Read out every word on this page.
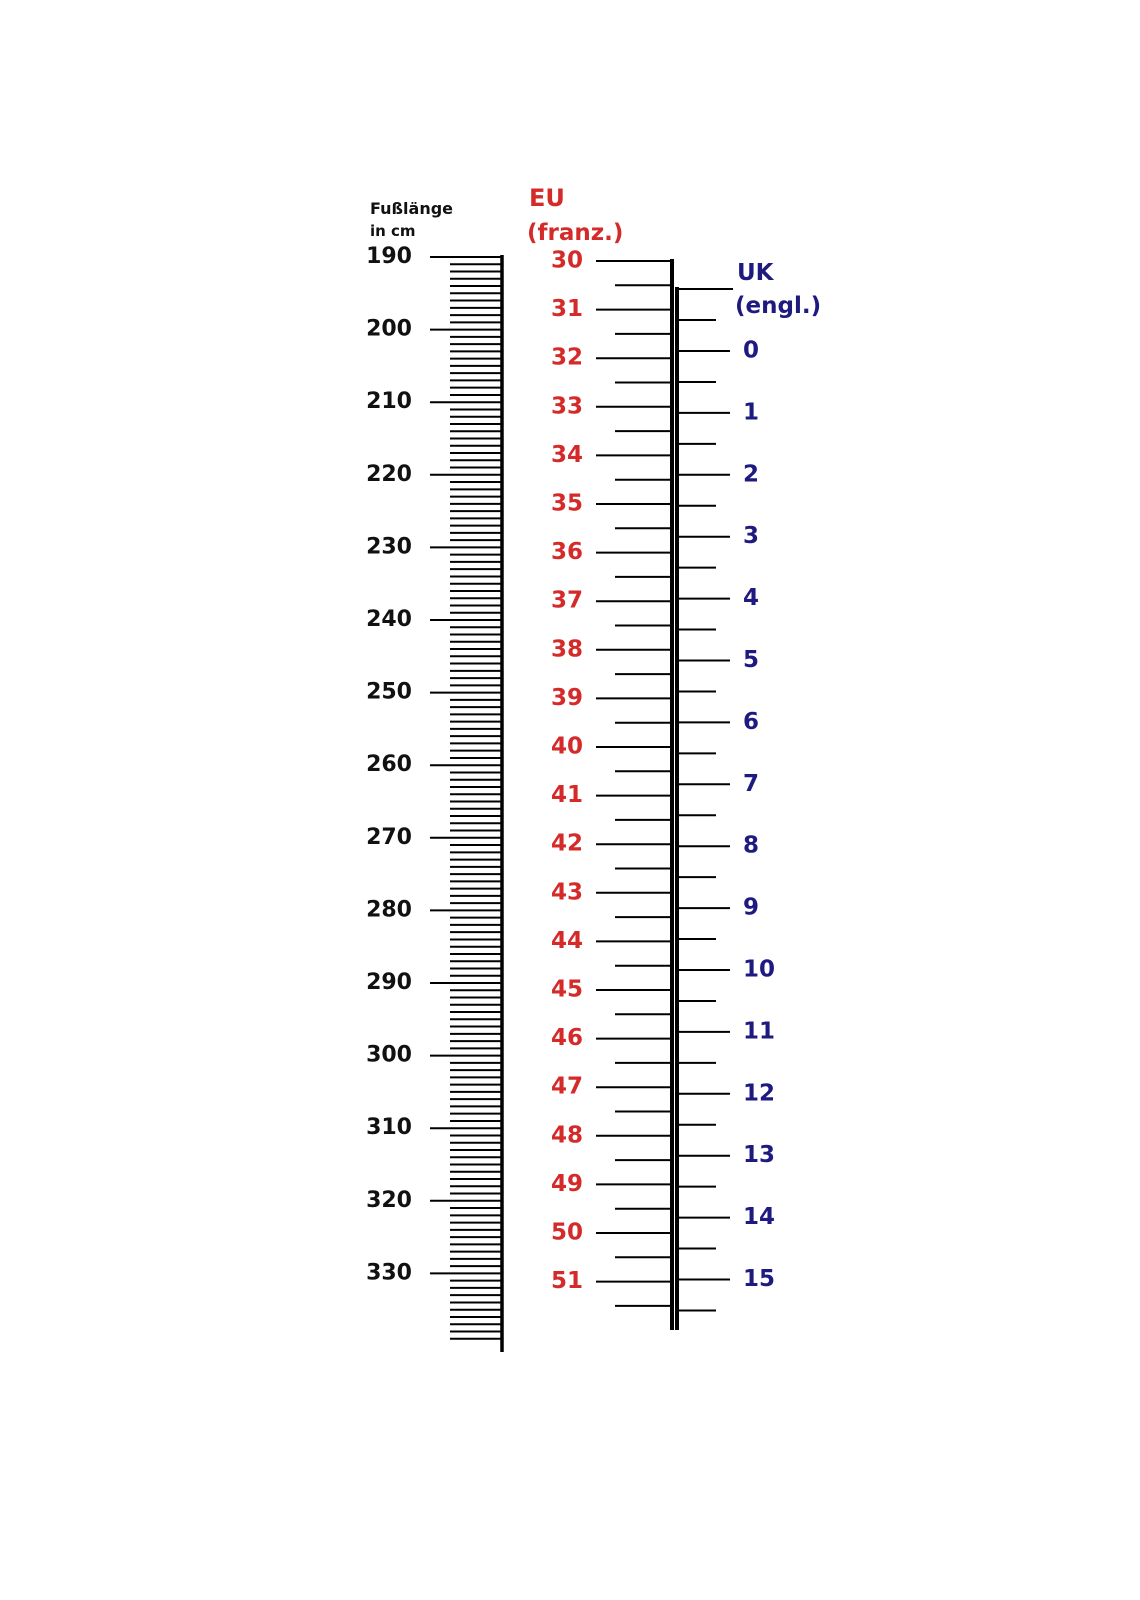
190
200
210
220
230
240
250
260
270
280
290
300
310
320
330
30
31
32
33
34
35
36
37
38
39
40
41
42
43
44
45
46
47
48
49
50
51
0
1
2
3
4
5
6
7
8
9
10
11
12
13
14
15
Fußlänge
in cm
EU
(franz.)
UK
(engl.)
